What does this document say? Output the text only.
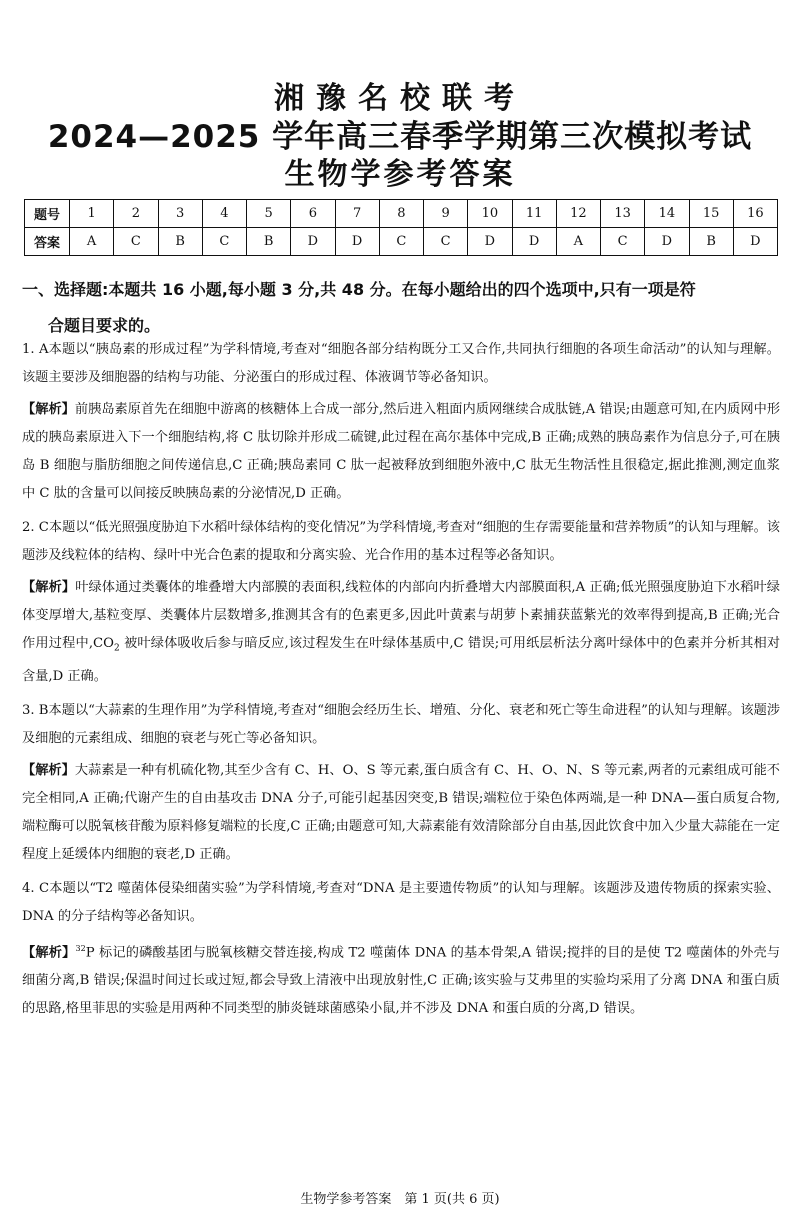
湘豫名校联考
2024—2025 学年高三春季学期第三次模拟考试
生物学参考答案
题号	1	2	3	4	5	6	7	8	9	10	11	12	13	14	15	16
答案	A	C	B	C	B	D	D	C	C	D	D	A	C	D	B	D
一、选择题:本题共 16 小题,每小题 3 分,共 48 分。在每小题给出的四个选项中,只有一项是符
合题目要求的。

1. A本题以“胰岛素的形成过程”为学科情境,考查对“细胞各部分结构既分工又合作,共同执行细胞的各项生命活动”的认知与理解。该题主要涉及细胞器的结构与功能、分泌蛋白的形成过程、体液调节等必备知识。

【解析】前胰岛素原首先在细胞中游离的核糖体上合成一部分,然后进入粗面内质网继续合成肽链,A 错误;由题意可知,在内质网中形成的胰岛素原进入下一个细胞结构,将 C 肽切除并形成二硫键,此过程在高尔基体中完成,B 正确;成熟的胰岛素作为信息分子,可在胰岛 B 细胞与脂肪细胞之间传递信息,C 正确;胰岛素同 C 肽一起被释放到细胞外液中,C 肽无生物活性且很稳定,据此推测,测定血浆中 C 肽的含量可以间接反映胰岛素的分泌情况,D 正确。

2. C本题以“低光照强度胁迫下水稻叶绿体结构的变化情况”为学科情境,考查对“细胞的生存需要能量和营养物质”的认知与理解。该题涉及线粒体的结构、绿叶中光合色素的提取和分离实验、光合作用的基本过程等必备知识。

【解析】叶绿体通过类囊体的堆叠增大内部膜的表面积,线粒体的内部向内折叠增大内部膜面积,A 正确;低光照强度胁迫下水稻叶绿体变厚增大,基粒变厚、类囊体片层数增多,推测其含有的色素更多,因此叶黄素与胡萝卜素捕获蓝紫光的效率得到提高,B 正确;光合作用过程中$,CO_2$ 被叶绿体吸收后参与暗反应,该过程发生在叶绿体基质中,C 错误;可用纸层析法分离叶绿体中的色素并分析其相对含量,D 正确。

3. B本题以“大蒜素的生理作用”为学科情境,考查对“细胞会经历生长、增殖、分化、衰老和死亡等生命进程”的认知与理解。该题涉及细胞的元素组成、细胞的衰老与死亡等必备知识。

【解析】大蒜素是一种有机硫化物,其至少含有 C、H、O、S 等元素,蛋白质含有 C、H、O、N、S 等元素,两者的元素组成可能不完全相同,A 正确;代谢产生的自由基攻击 DNA 分子,可能引起基因突变,B 错误;端粒位于染色体两端,是一种 DNA—蛋白质复合物,端粒酶可以脱氧核苷酸为原料修复端粒的长度,C 正确;由题意可知,大蒜素能有效清除部分自由基,因此饮食中加入少量大蒜能在一定程度上延缓体内细胞的衰老,D 正确。

4. C本题以“T2 噬菌体侵染细菌实验”为学科情境,考查对“DNA 是主要遗传物质”的认知与理解。该题涉及遗传物质的探索实验、DNA 的分子结构等必备知识。

【解析】$^{32}$P 标记的磷酸基团与脱氧核糖交替连接,构成 T2 噬菌体 DNA 的基本骨架,A 错误;搅拌的目的是使 T2 噬菌体的外壳与细菌分离,B 错误;保温时间过长或过短,都会导致上清液中出现放射性,C 正确;该实验与艾弗里的实验均采用了分离 DNA 和蛋白质的思路,格里菲思的实验是用两种不同类型的肺炎链球菌感染小鼠,并不涉及 DNA 和蛋白质的分离,D 错误。

生物学参考答案　第 1 页(共 6 页)
